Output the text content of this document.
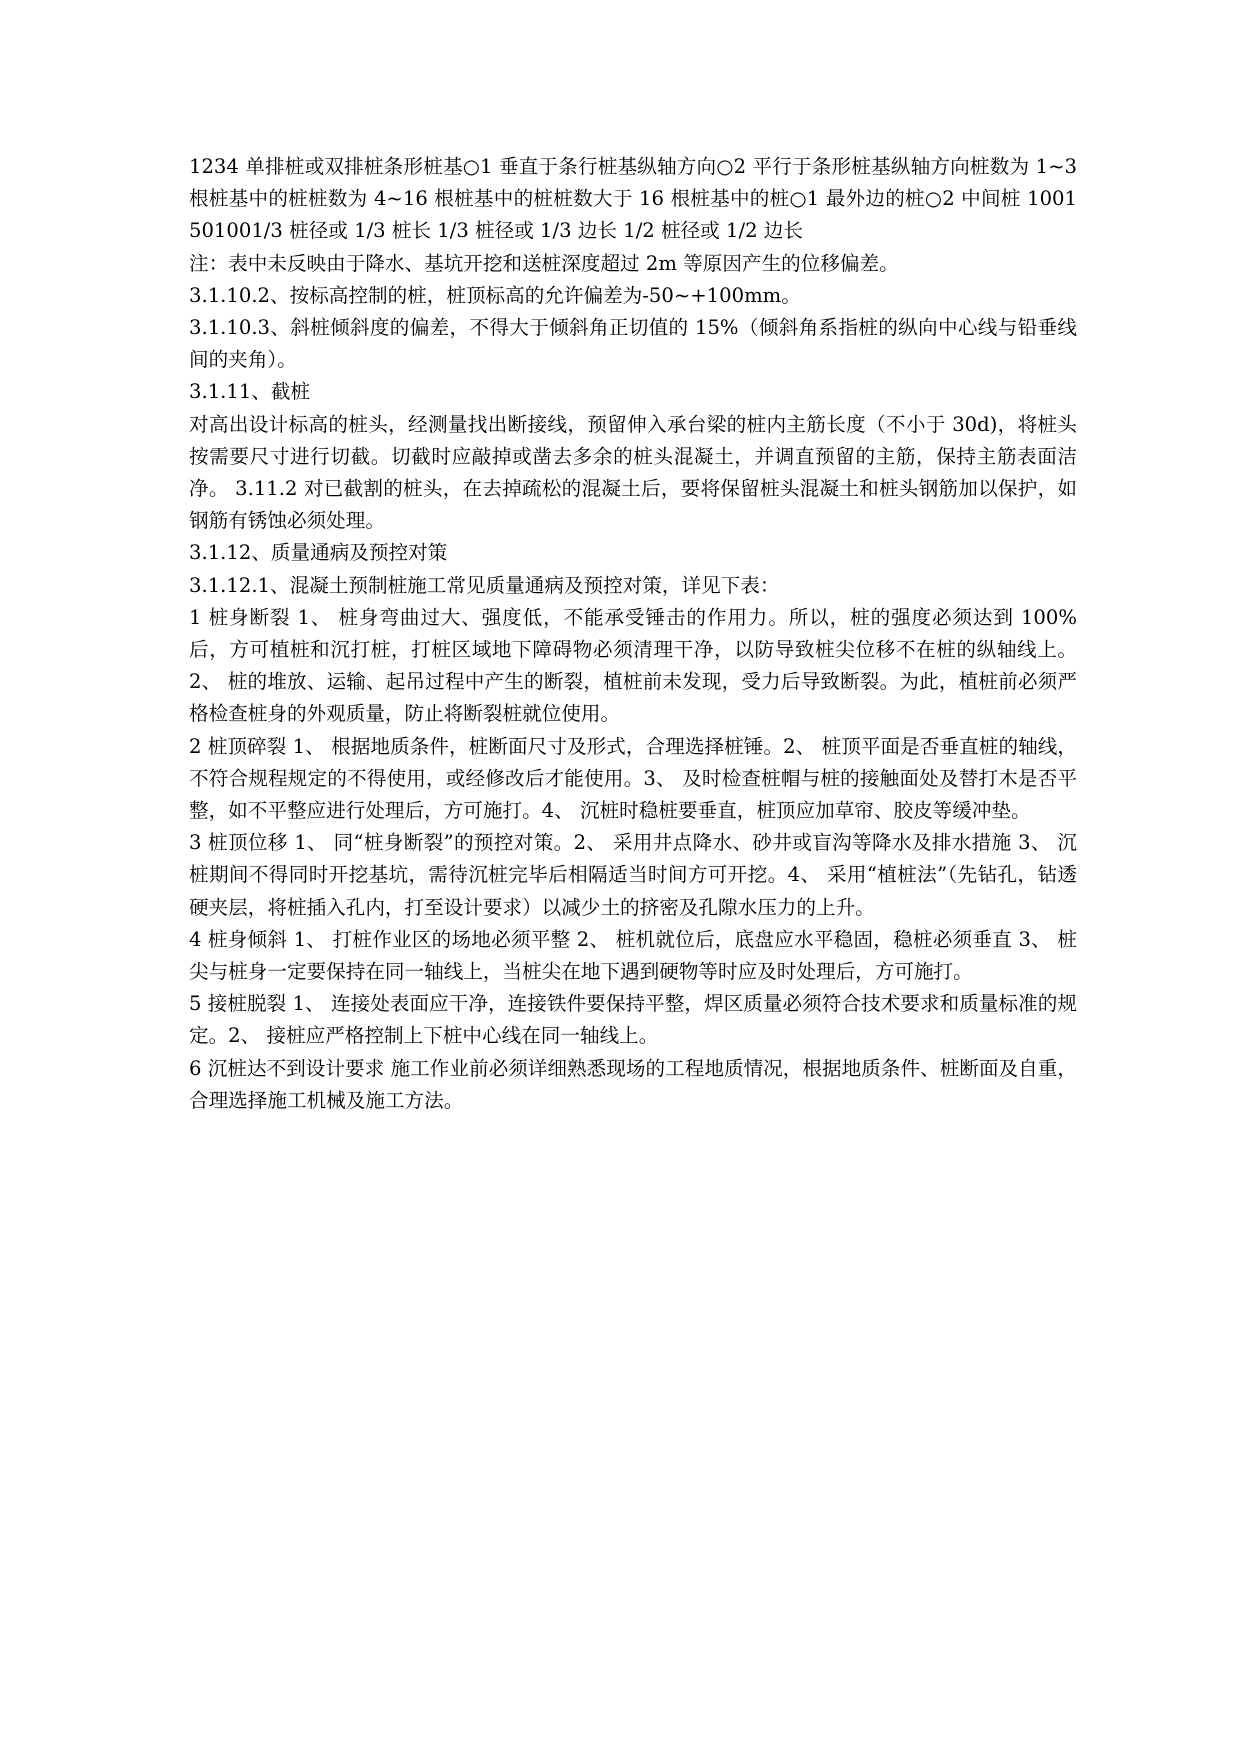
1234 单排桩或双排桩条形桩基○1 垂直于条行桩基纵轴方向○2 平行于条形桩基纵轴方向桩数为 1~3 根桩基中的桩桩数为 4~16 根桩基中的桩桩数大于 16 根桩基中的桩○1 最外边的桩○2 中间桩 1001501001/3 桩径或 1/3 桩长 1/3 桩径或 1/3 边长 1/2 桩径或 1/2 边长

注：表中未反映由于降水、基坑开挖和送桩深度超过 2m 等原因产生的位移偏差。

3.1.10.2、按标高控制的桩，桩顶标高的允许偏差为-50~+100mm。

3.1.10.3、斜桩倾斜度的偏差，不得大于倾斜角正切值的 15%（倾斜角系指桩的纵向中心线与铅垂线间的夹角）。

3.1.11、截桩

对高出设计标高的桩头，经测量找出断接线，预留伸入承台梁的桩内主筋长度（不小于 30d)，将桩头按需要尺寸进行切截。切截时应敲掉或凿去多余的桩头混凝土，并调直预留的主筋，保持主筋表面洁净。 3.11.2 对已截割的桩头，在去掉疏松的混凝土后，要将保留桩头混凝土和桩头钢筋加以保护，如钢筋有锈蚀必须处理。

3.1.12、质量通病及预控对策

3.1.12.1、混凝土预制桩施工常见质量通病及预控对策，详见下表：

1 桩身断裂 1、 桩身弯曲过大、强度低，不能承受锤击的作用力。所以，桩的强度必须达到 100%后，方可植桩和沉打桩，打桩区域地下障碍物必须清理干净，以防导致桩尖位移不在桩的纵轴线上。2、 桩的堆放、运输、起吊过程中产生的断裂，植桩前未发现，受力后导致断裂。为此，植桩前必须严格检查桩身的外观质量，防止将断裂桩就位使用。

2 桩顶碎裂 1、 根据地质条件，桩断面尺寸及形式，合理选择桩锤。2、 桩顶平面是否垂直桩的轴线，不符合规程规定的不得使用，或经修改后才能使用。3、 及时检查桩帽与桩的接触面处及替打木是否平整，如不平整应进行处理后，方可施打。4、 沉桩时稳桩要垂直，桩顶应加草帘、胶皮等缓冲垫。

3 桩顶位移 1、 同“桩身断裂”的预控对策。2、 采用井点降水、砂井或盲沟等降水及排水措施 3、 沉桩期间不得同时开挖基坑，需待沉桩完毕后相隔适当时间方可开挖。4、 采用“植桩法”（先钻孔，钻透硬夹层，将桩插入孔内，打至设计要求）以减少土的挤密及孔隙水压力的上升。

4 桩身倾斜 1、 打桩作业区的场地必须平整 2、 桩机就位后，底盘应水平稳固，稳桩必须垂直 3、 桩尖与桩身一定要保持在同一轴线上，当桩尖在地下遇到硬物等时应及时处理后，方可施打。

5 接桩脱裂 1、 连接处表面应干净，连接铁件要保持平整，焊区质量必须符合技术要求和质量标准的规定。2、 接桩应严格控制上下桩中心线在同一轴线上。

6 沉桩达不到设计要求 施工作业前必须详细熟悉现场的工程地质情况，根据地质条件、桩断面及自重，合理选择施工机械及施工方法。
